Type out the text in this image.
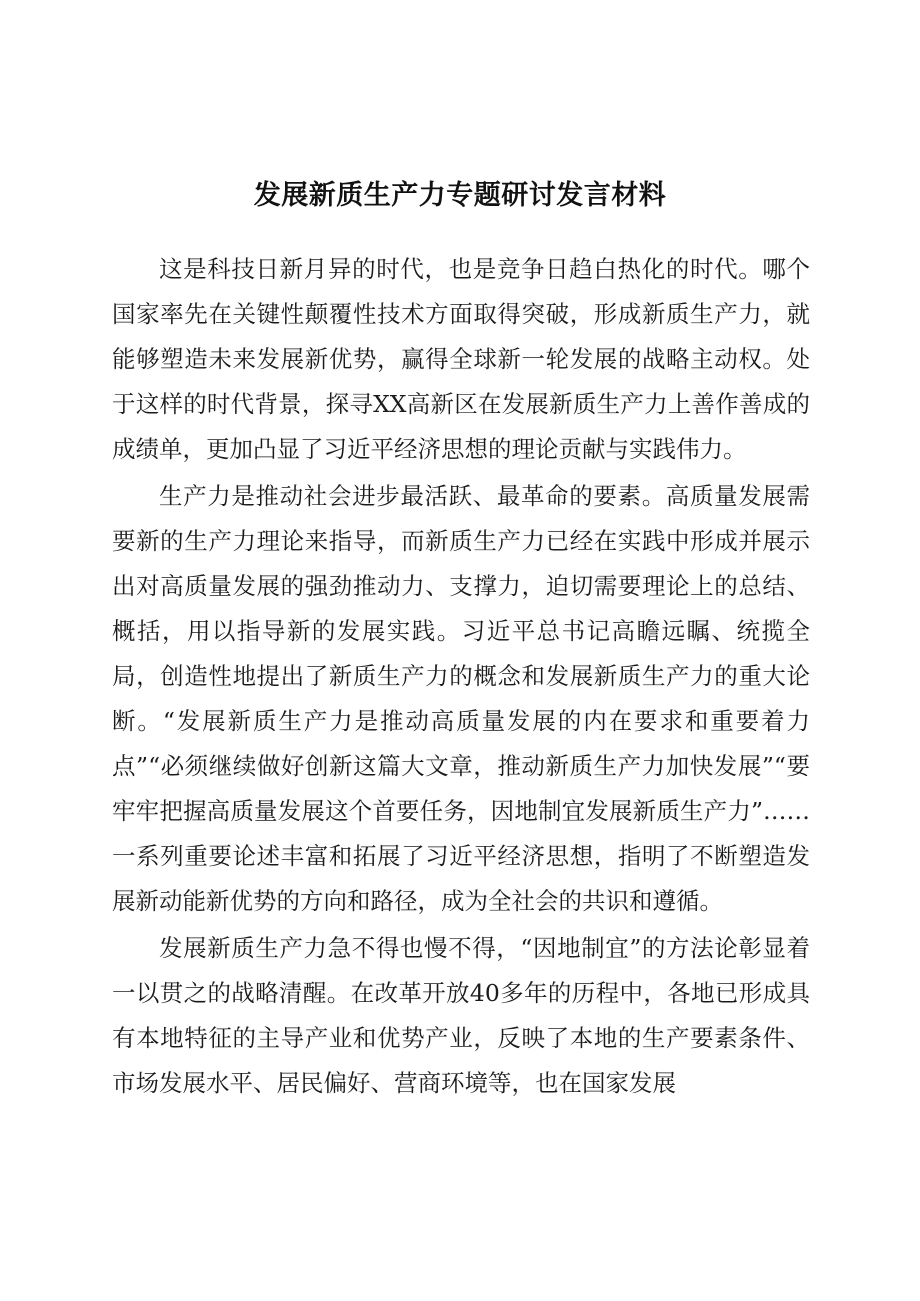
发展新质生产力专题研讨发言材料

这是科技日新月异的时代，也是竞争日趋白热化的时代。哪个国家率先在关键性颠覆性技术方面取得突破，形成新质生产力，就能够塑造未来发展新优势，赢得全球新一轮发展的战略主动权。处于这样的时代背景，探寻XX高新区在发展新质生产力上善作善成的成绩单，更加凸显了习近平经济思想的理论贡献与实践伟力。

生产力是推动社会进步最活跃、最革命的要素。高质量发展需要新的生产力理论来指导，而新质生产力已经在实践中形成并展示出对高质量发展的强劲推动力、支撑力，迫切需要理论上的总结、概括，用以指导新的发展实践。习近平总书记高瞻远瞩、统揽全局，创造性地提出了新质生产力的概念和发展新质生产力的重大论断。“发展新质生产力是推动高质量发展的内在要求和重要着力点”“必须继续做好创新这篇大文章，推动新质生产力加快发展”“要牢牢把握高质量发展这个首要任务，因地制宜发展新质生产力”……一系列重要论述丰富和拓展了习近平经济思想，指明了不断塑造发展新动能新优势的方向和路径，成为全社会的共识和遵循。

发展新质生产力急不得也慢不得，“因地制宜”的方法论彰显着一以贯之的战略清醒。在改革开放40多年的历程中，各地已形成具有本地特征的主导产业和优势产业，反映了本地的生产要素条件、市场发展水平、居民偏好、营商环境等，也在国家发展
